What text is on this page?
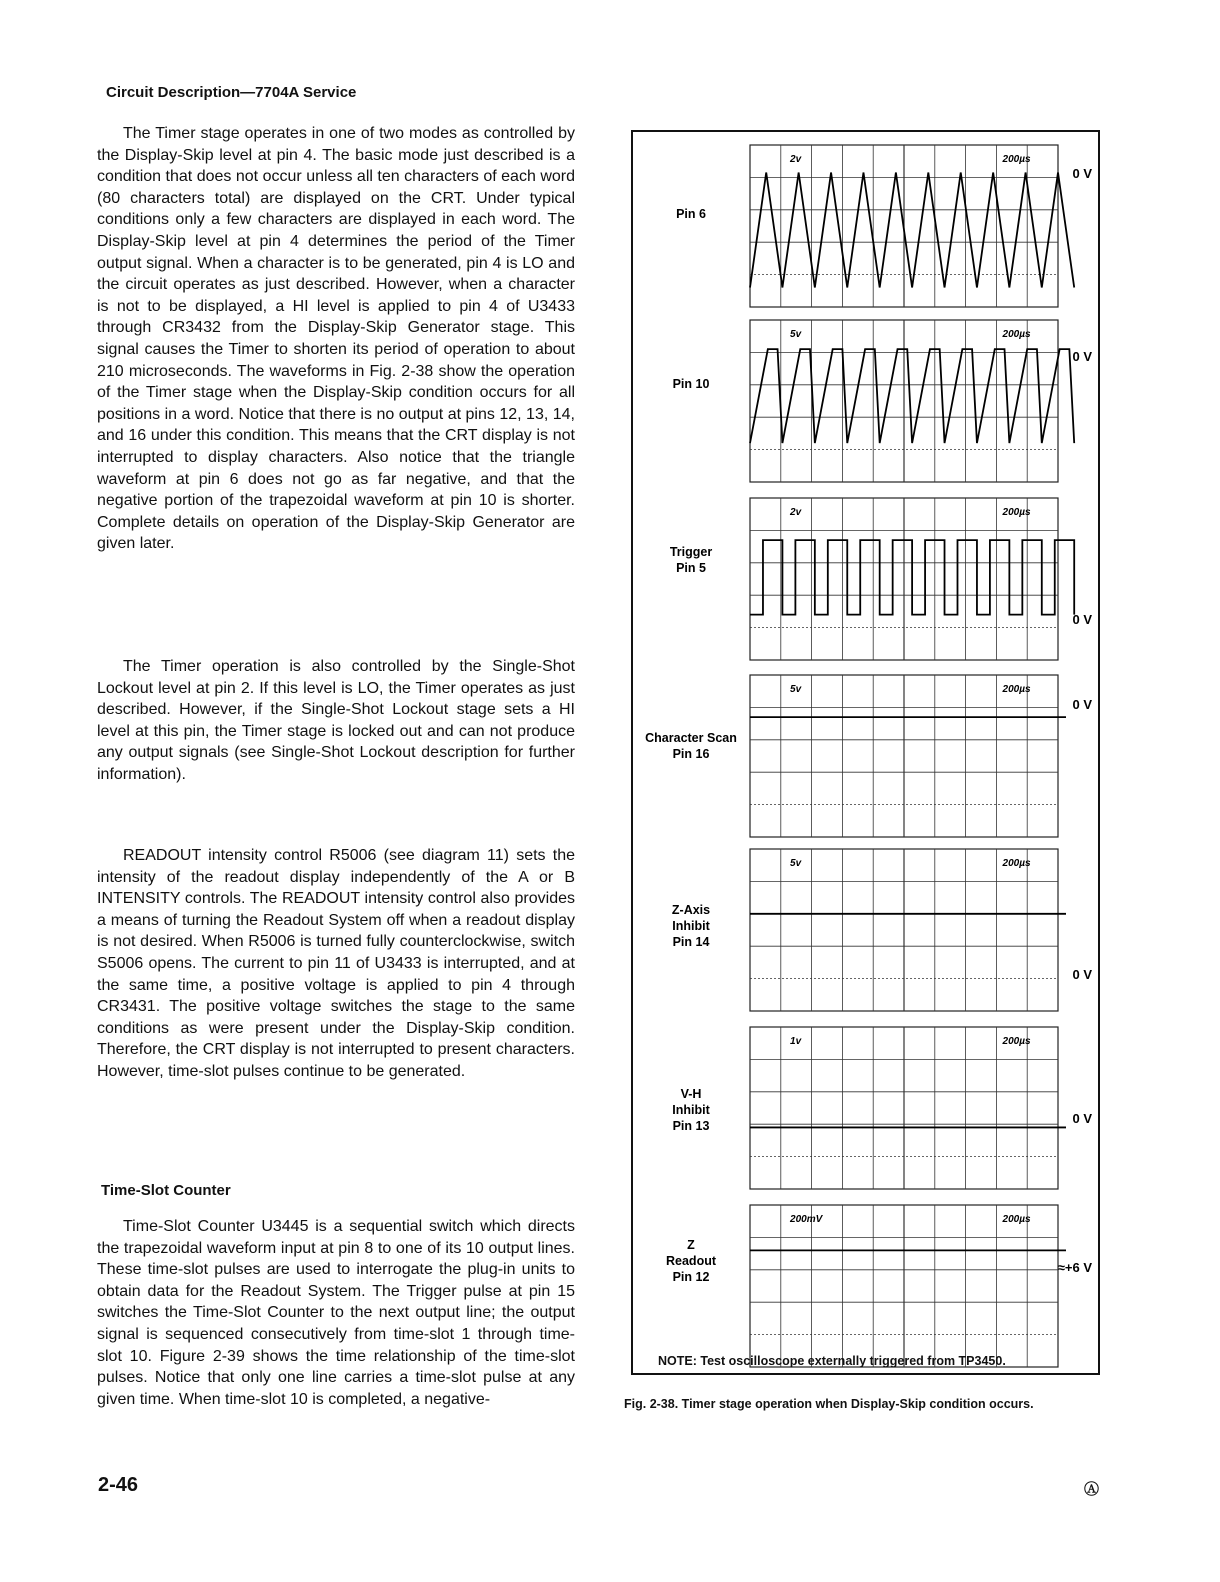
Circuit Description—7704A Service

The Timer stage operates in one of two modes as controlled by the Display-Skip level at pin 4. The basic mode just described is a condition that does not occur unless all ten characters of each word (80 characters total) are displayed on the CRT. Under typical conditions only a few characters are displayed in each word. The Display-Skip level at pin 4 determines the period of the Timer output signal. When a character is to be generated, pin 4 is LO and the circuit operates as just described. However, when a character is not to be displayed, a HI level is applied to pin 4 of U3433 through CR3432 from the Display-Skip Generator stage. This signal causes the Timer to shorten its period of operation to about 210 microseconds. The waveforms in Fig. 2-38 show the operation of the Timer stage when the Display-Skip condition occurs for all positions in a word. Notice that there is no output at pins 12, 13, 14, and 16 under this condition. This means that the CRT display is not interrupted to display characters. Also notice that the triangle waveform at pin 6 does not go as far negative, and that the negative portion of the trapezoidal waveform at pin 10 is shorter. Complete details on operation of the Display-Skip Generator are given later.

The Timer operation is also controlled by the Single-Shot Lockout level at pin 2. If this level is LO, the Timer operates as just described. However, if the Single-Shot Lockout stage sets a HI level at this pin, the Timer stage is locked out and can not produce any output signals (see Single-Shot Lockout description for further information).

READOUT intensity control R5006 (see diagram 11) sets the intensity of the readout display independently of the A or B INTENSITY controls. The READOUT intensity control also provides a means of turning the Readout System off when a readout display is not desired. When R5006 is turned fully counterclockwise, switch S5006 opens. The current to pin 11 of U3433 is interrupted, and at the same time, a positive voltage is applied to pin 4 through CR3431. The positive voltage switches the stage to the same conditions as were present under the Display-Skip condition. Therefore, the CRT display is not interrupted to present characters. However, time-slot pulses continue to be generated.

Time-Slot Counter

Time-Slot Counter U3445 is a sequential switch which directs the trapezoidal waveform input at pin 8 to one of its 10 output lines. These time-slot pulses are used to interrogate the plug-in units to obtain data for the Readout System. The Trigger pulse at pin 15 switches the Time-Slot Counter to the next output line; the output signal is sequenced consecutively from time-slot 1 through time-slot 10. Figure 2-39 shows the time relationship of the time-slot pulses. Notice that only one line carries a time-slot pulse at any given time. When time-slot 10 is completed, a negative-

2v	200µs
Pin 6
0 V
5v	200µs
Pin 10
0 V
2v	200µs
Trigger
Pin 5
0 V
5v	200µs
Character Scan
Pin 16
0 V
5v	200µs
Z-Axis
Inhibit
Pin 14
0 V
1v	200µs
V-H
Inhibit
Pin 13	0 V
200mV	200µs
Z
Readout
Pin 12
≈+6 V
NOTE: Test oscilloscope externally triggered from TP3450.
Fig. 2-38. Timer stage operation when Display-Skip condition occurs.
2-46	Ⓐ
